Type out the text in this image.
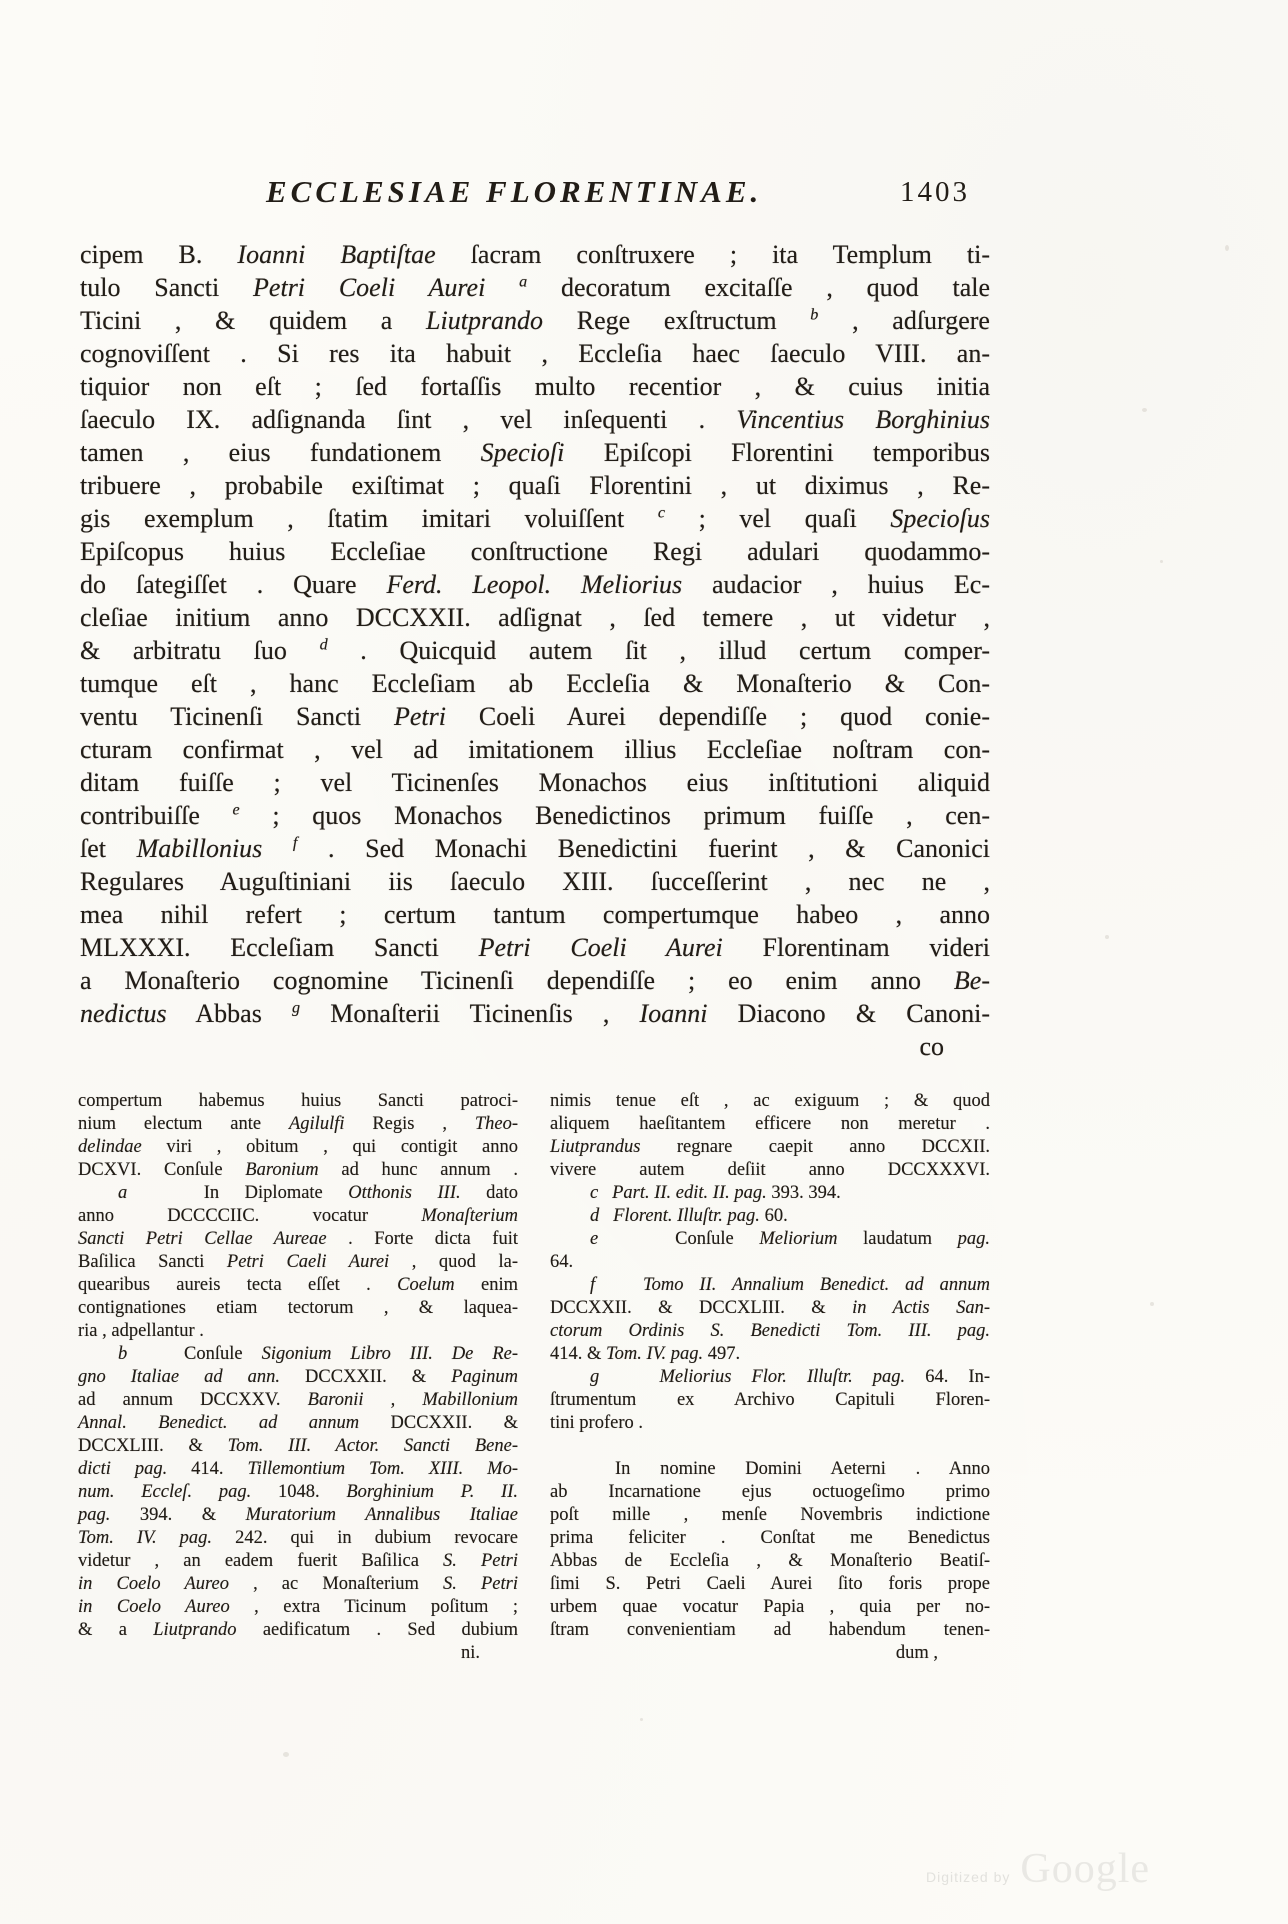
ECCLESIAE FLORENTINAE.	1403
cipem B. Ioanni Baptiſtae ſacram conſtruxere ; ita Templum ti-
tulo Sancti Petri Coeli Aurei $^a$ decoratum excitaſſe , quod tale
Ticini , & quidem a Liutprando Rege exſtructum $^b$ , adſurgere
cognoviſſent . Si res ita habuit , Eccleſia haec ſaeculo VIII. an-
tiquior non eſt ; ſed fortaſſis multo recentior , & cuius initia
ſaeculo IX. adſignanda ſint , vel inſequenti . Vincentius Borghinius
tamen , eius fundationem Specioſi Epiſcopi Florentini temporibus
tribuere , probabile exiſtimat ; quaſi Florentini , ut diximus , Re-
gis exemplum , ſtatim imitari voluiſſent $^c$ ; vel quaſi Specioſus
Epiſcopus huius Eccleſiae conſtructione Regi adulari quodammo-
do ſategiſſet . Quare Ferd. Leopol. Meliorius audacior , huius Ec-
cleſiae initium anno DCCXXII. adſignat , ſed temere , ut videtur ,
& arbitratu ſuo $^d$ . Quicquid autem ſit , illud certum comper-
tumque eſt , hanc Eccleſiam ab Eccleſia & Monaſterio & Con-
ventu Ticinenſi Sancti Petri Coeli Aurei dependiſſe ; quod conie-
cturam confirmat , vel ad imitationem illius Eccleſiae noſtram con-
ditam fuiſſe ; vel Ticinenſes Monachos eius inſtitutioni aliquid
contribuiſſe $^e$ ; quos Monachos Benedictinos primum fuiſſe , cen-
ſet Mabillonius $^f$ . Sed Monachi Benedictini fuerint , & Canonici
Regulares Auguſtiniani iis ſaeculo XIII. ſucceſſerint , nec ne ,
mea nihil refert ; certum tantum compertumque habeo , anno
MLXXXI. Eccleſiam Sancti Petri Coeli Aurei Florentinam videri
a Monaſterio cognomine Ticinenſi dependiſſe ; eo enim anno Be-
nedictus Abbas $^g$ Monaſterii Ticinenſis , Ioanni Diacono & Canoni-
co
compertum habemus huius Sancti patroci-
nium electum ante Agilulfi Regis , Theo-
delindae viri , obitum , qui contigit anno
DCXVI. Conſule Baronium ad hunc annum .
a   In Diplomate Otthonis III. dato
anno DCCCCIIC. vocatur Monaſterium
Sancti Petri Cellae Aureae . Forte dicta fuit
Baſilica Sancti Petri Caeli Aurei , quod la-
quearibus aureis tecta eſſet . Coelum enim
contignationes etiam tectorum , & laquea-
ria , adpellantur .
b   Conſule Sigonium Libro III. De Re-
gno Italiae ad ann. DCCXXII. & Paginum
ad annum DCCXXV. Baronii , Mabillonium
Annal. Benedict. ad annum DCCXXII. &
DCCXLIII. & Tom. III. Actor. Sancti Bene-
dicti pag. 414. Tillemontium Tom. XIII. Mo-
num. Eccleſ. pag. 1048. Borghinium P. II.
pag. 394. & Muratorium Annalibus Italiae
Tom. IV. pag. 242. qui in dubium revocare
videtur , an eadem fuerit Baſilica S. Petri
in Coelo Aureo , ac Monaſterium S. Petri
in Coelo Aureo , extra Ticinum poſitum ;
& a Liutprando aedificatum . Sed dubium
ni.
nimis tenue eſt , ac exiguum ; & quod
aliquem haeſitantem efficere non meretur .
Liutprandus regnare caepit anno DCCXII.
vivere autem deſiit anno DCCXXXVI.
c Part. II. edit. II. pag. 393. 394.
d Florent. Illuſtr. pag. 60.
e   Conſule Meliorium laudatum pag.
64.
f	Tomo II. Annalium Benedict. ad annum
DCCXXII. & DCCXLIII. & in Actis San-
ctorum Ordinis S. Benedicti Tom. III. pag.
414. & Tom. IV. pag. 497.
g	Meliorius Flor. Illuſtr. pag. 64. In-
ſtrumentum ex Archivo Capituli Floren-
tini profero .

In nomine Domini Aeterni . Anno
ab Incarnatione ejus octuogeſimo primo
poſt mille , menſe Novembris indictione
prima feliciter . Conſtat me Benedictus
Abbas de Eccleſia , & Monaſterio Beatiſ-
ſimi S. Petri Caeli Aurei ſito foris prope
urbem quae vocatur Papia , quia per no-
ſtram convenientiam ad habendum tenen-
dum ,
Digitized by Google
